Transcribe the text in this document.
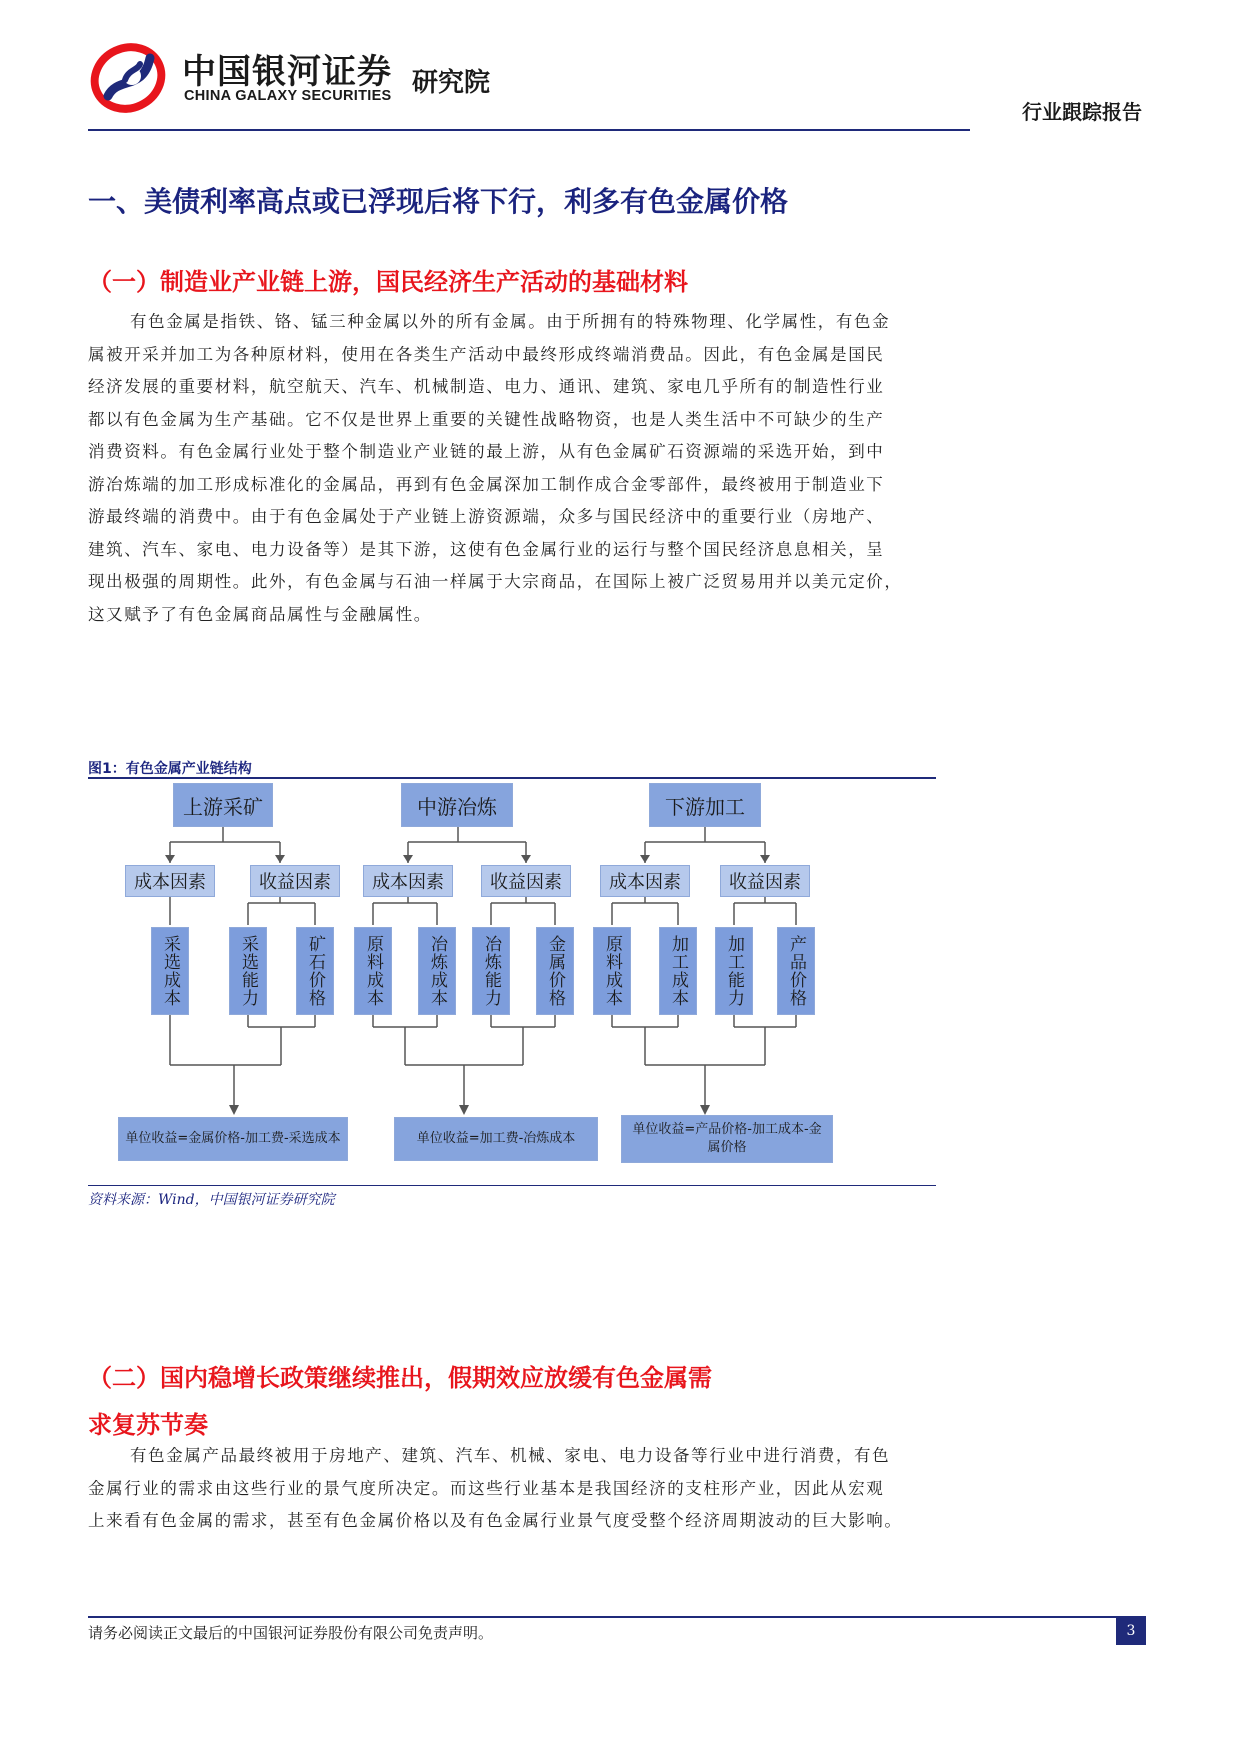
中国银河证券
CHINA GALAXY SECURITIES 研究院
行业跟踪报告
一、美债利率高点或已浮现后将下行，利多有色金属价格
（一）制造业产业链上游，国民经济生产活动的基础材料
有色金属是指铁、铬、锰三种金属以外的所有金属。由于所拥有的特殊物理、化学属性，有色金
属被开采并加工为各种原材料，使用在各类生产活动中最终形成终端消费品。因此，有色金属是国民
经济发展的重要材料，航空航天、汽车、机械制造、电力、通讯、建筑、家电几乎所有的制造性行业
都以有色金属为生产基础。它不仅是世界上重要的关键性战略物资，也是人类生活中不可缺少的生产
消费资料。有色金属行业处于整个制造业产业链的最上游，从有色金属矿石资源端的采选开始，到中
游冶炼端的加工形成标准化的金属品，再到有色金属深加工制作成合金零部件，最终被用于制造业下
游最终端的消费中。由于有色金属处于产业链上游资源端，众多与国民经济中的重要行业（房地产、
建筑、汽车、家电、电力设备等）是其下游，这使有色金属行业的运行与整个国民经济息息相关，呈
现出极强的周期性。此外，有色金属与石油一样属于大宗商品，在国际上被广泛贸易用并以美元定价，
这又赋予了有色金属商品属性与金融属性。
图1：有色金属产业链结构
上游采矿
成本因素	收益因素
采选成本	采选能力	矿石价格
单位收益=金属价格-加工费-采选成本
中游冶炼
成本因素	收益因素
原料成本	冶炼成本	冶炼能力	金属价格
单位收益=加工费-冶炼成本
下游加工
成本因素	收益因素
原料成本	加工成本	加工能力	产品价格
单位收益=产品价格-加工成本-金属价格
资料来源：Wind，中国银河证券研究院
（二）国内稳增长政策继续推出，假期效应放缓有色金属需
求复苏节奏
有色金属产品最终被用于房地产、建筑、汽车、机械、家电、电力设备等行业中进行消费，有色
金属行业的需求由这些行业的景气度所决定。而这些行业基本是我国经济的支柱形产业，因此从宏观
上来看有色金属的需求，甚至有色金属价格以及有色金属行业景气度受整个经济周期波动的巨大影响。
请务必阅读正文最后的中国银河证券股份有限公司免责声明。	3
